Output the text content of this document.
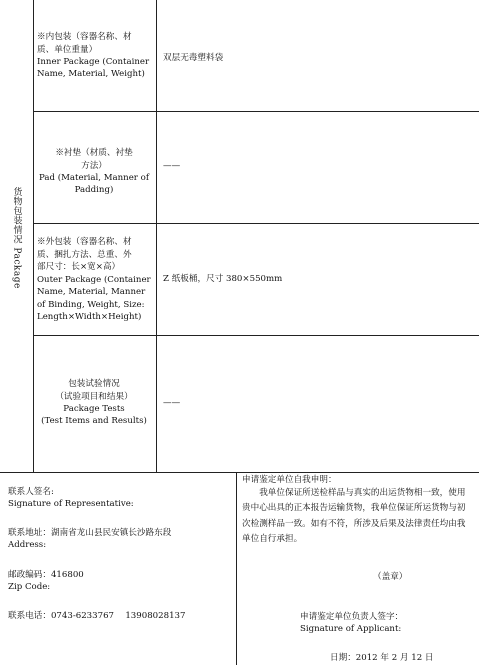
货物包装情况 Package
※内包装（容器名称、材
质、单位重量）
Inner Package (Container Name, Material, Weight)
双层无毒塑料袋
※衬垫（材质、衬垫
方法）
Pad (Material, Manner of Padding)
——
※外包装（容器名称、材
质、捆扎方法、总重、外
部尺寸：长×宽×高）
Outer Package (Container Name, Material, Manner of Binding, Weight, Size: Length×Width×Height)
Z 纸板桶，尺寸 380×550mm
包装试验情况
（试验项目和结果）
Package Tests
(Test Items and Results)
——
联系人签名:
Signature of Representative:
联系地址：湖南省龙山县民安镇长沙路东段
Address:
邮政编码：416800
Zip Code:
联系电话：0743-6233767　 13908028137
申请鉴定单位自我申明：
我单位保证所送检样品与真实的出运货物相一致，使用贵中心出具的正本报告运输货物，我单位保证所运货物与初次检测样品一致。如有不符，所涉及后果及法律责任均由我单位自行承担。
（盖章）
申请鉴定单位负责人签字：
Signature of Applicant:
日期：2012 年 2 月 12 日
